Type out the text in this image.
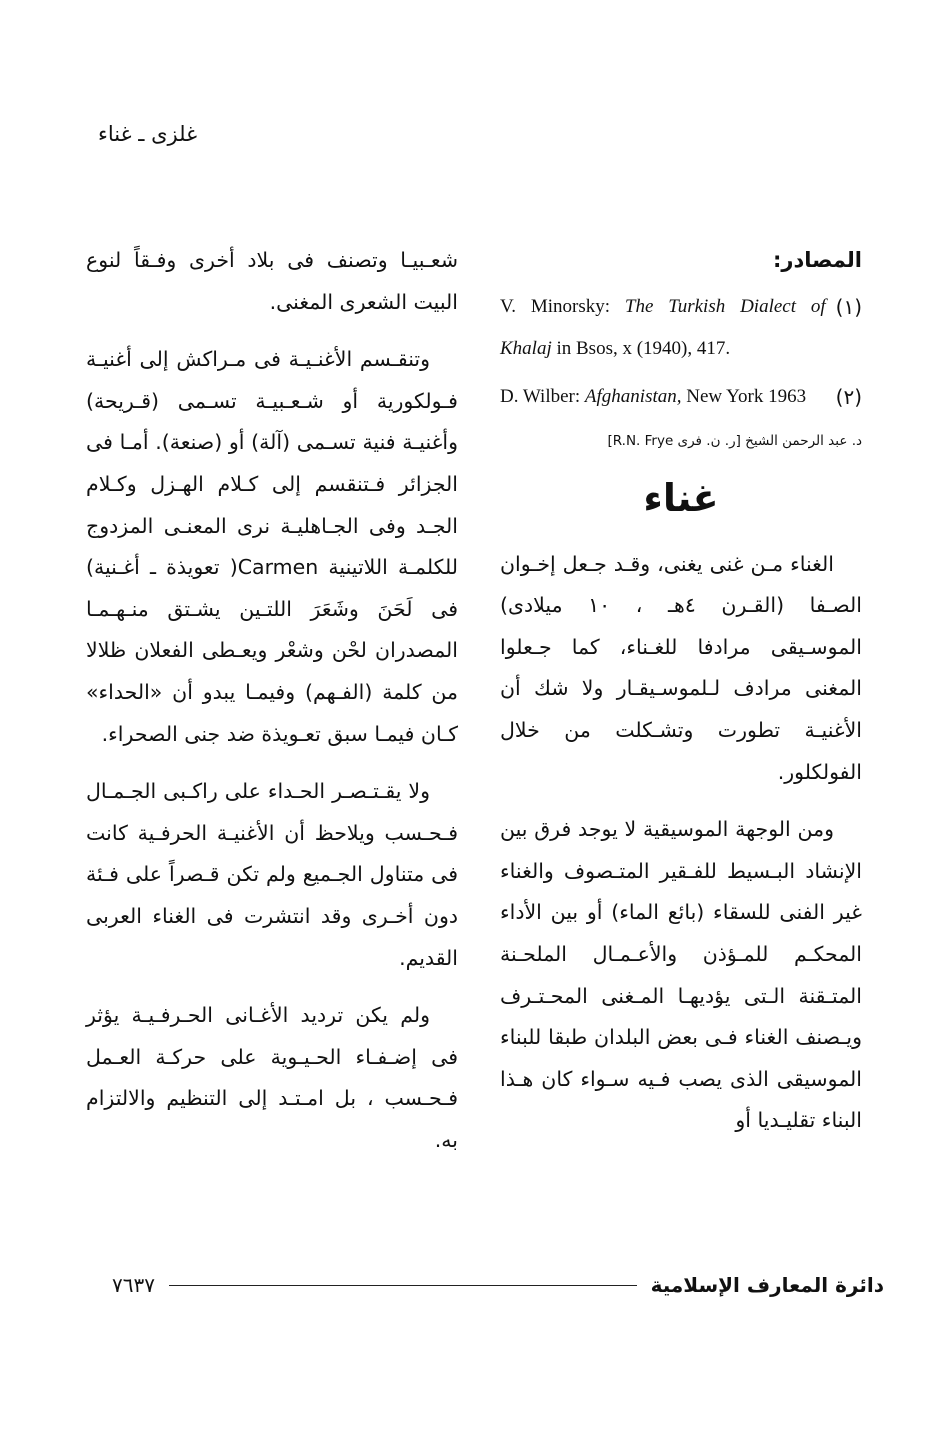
غلزى ـ غناء
المصادر:
V. Minorsky: The Turkish Dialect of Khalaj in Bsos, x (1940), 417.
(١)
D. Wilber: Afghanistan, New York 1963	(٢)
د. عبد الرحمن الشيخ [ر. ن. فرى R.N. Frye]
غناء

الغناء مـن غنى يغنى، وقـد جـعل إخـوان الصـفا (القـرن ٤هـ ، ١٠ ميلادى) الموسـيقى مرادفا للغـناء، كما جـعلوا المغنى مرادف لـلموسـيقـار ولا شك أن الأغنيـة تطورت وتشـكلت من خلال الفولكلور.

ومن الوجهة الموسيقية لا يوجد فرق بين الإنشاد البـسيط للفـقير المتـصوف والغناء غير الفنى للسقاء (بائع الماء) أو بين الأداء المحكـم للمـؤذن والأعـمـال الملحـنة المتـقنة الـتى يؤديهـا المـغنى المحـتـرف ويـصنف الغناء فـى بعض البلدان طبقا للبناء الموسيقى الذى يصب فـيه سـواء كان هـذا البناء تقليـديا أو

شعـبيـا وتصنف فى بلاد أخرى وفـقاً لنوع البيت الشعرى المغنى.

وتنقـسم الأغنـيـة فى مـراكش إلى أغنيـة فـولكورية أو شـعـبيـة تسـمى (قـريحة) وأغنيـة فنية تسـمى (آلة) أو (صنعة). أمـا فى الجزائر فـتنقسم إلى كـلام الهـزل وكـلام الجـد وفى الجـاهليـة نرى المعنـى المزدوج للكلمـة اللاتينية Carmen( تعويذة ـ أغـنية) فى لَحَنَ وشَعَرَ اللتـين يشـتق منـهـمـا المصدران لحْن وشعْر ويعـطى الفعلان ظلالا من كلمة (الفـهم) وفيمـا يبدو أن «الحداء» كـان فيمـا سبق تعـويذة ضد جنى الصحراء.

ولا يقـتـصـر الحـداء على راكـبى الجـمـال فـحـسب ويلاحظ أن الأغنيـة الحرفـية كانت فى متناول الجـميع ولم تكن قـصراً على فـئة دون أخـرى وقد انتشرت فى الغناء العربى القديم.

ولم يكن ترديد الأغـانى الحـرفـيـة يؤثر فى إضـفـاء الحـيـوية على حركـة العـمل فـحـسب ، بل امـتـد إلى التنظيم والالتزام به.

دائرة المعارف الإسلامية
٧٦٣٧
